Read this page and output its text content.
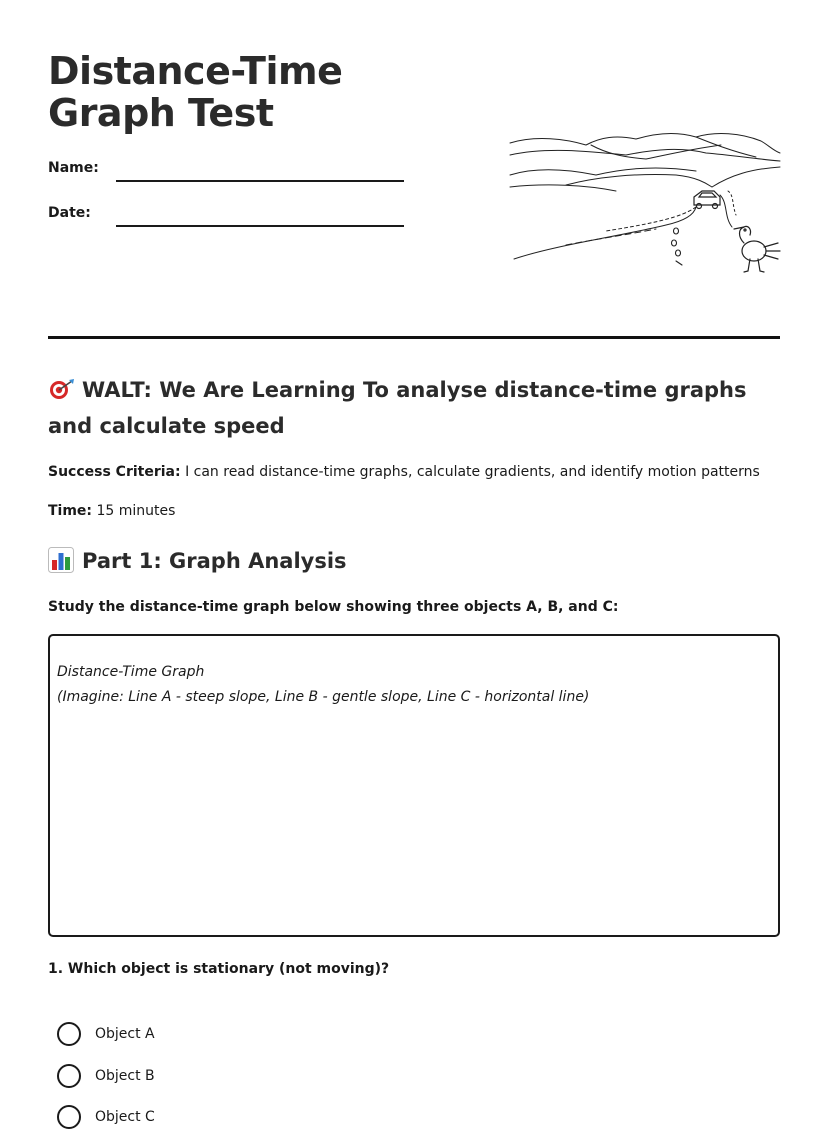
Distance-Time Graph Test
Name:
Date:
WALT: We Are Learning To analyse distance-time graphs and calculate speed

Success Criteria: I can read distance-time graphs, calculate gradients, and identify motion patterns

Time: 15 minutes

Part 1: Graph Analysis

Study the distance-time graph below showing three objects A, B, and C:

Distance-Time Graph
(Imagine: Line A - steep slope, Line B - gentle slope, Line C - horizontal line)

1. Which object is stationary (not moving)?

Object A
Object B
Object C
